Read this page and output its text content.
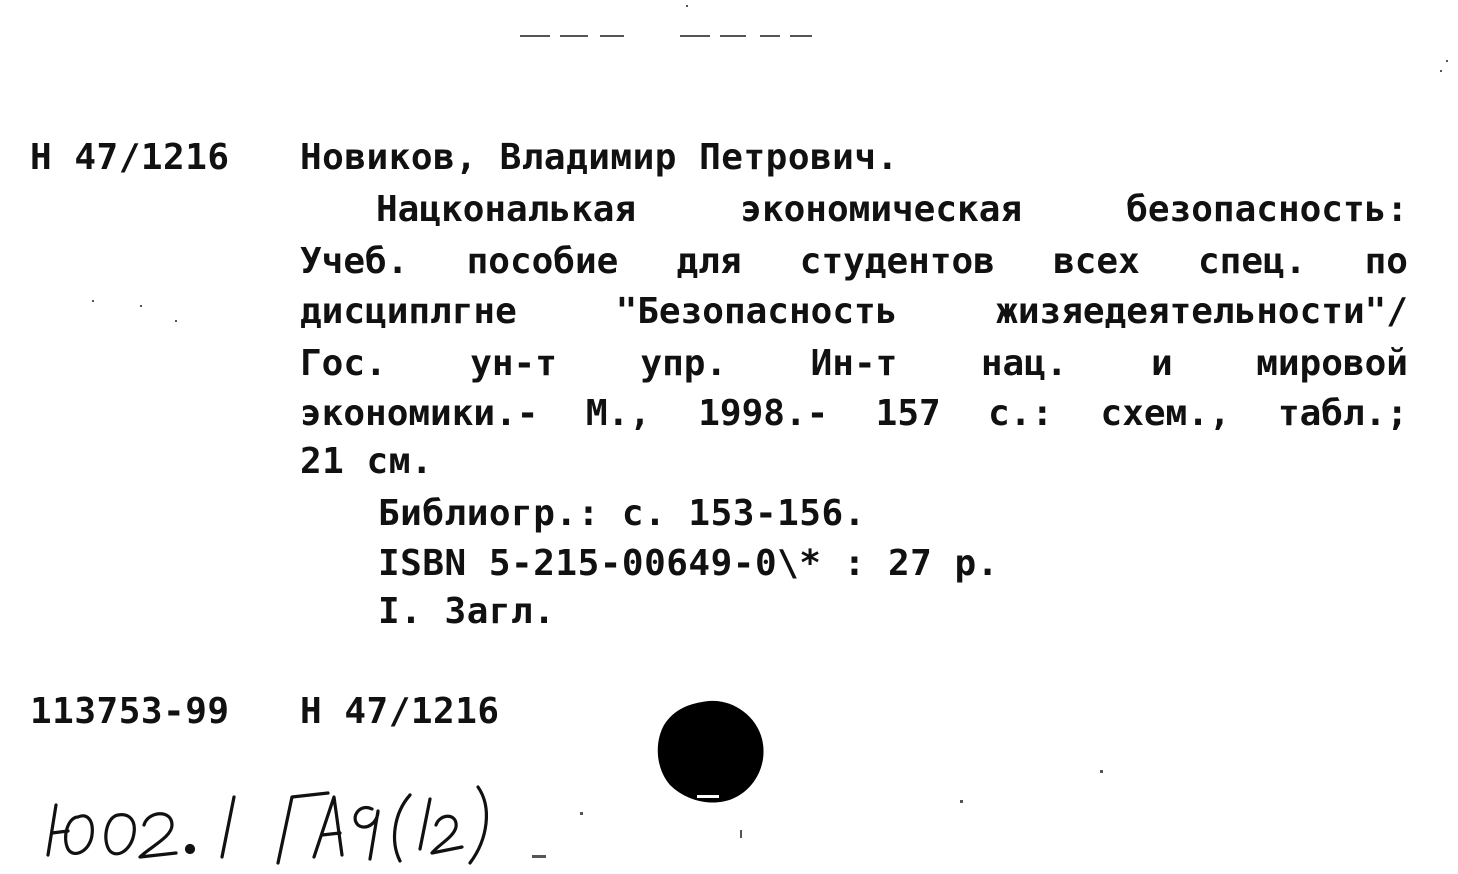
Н 47/1216 Новиков, Владимир Петрович.
Нацкональкая	экономическая	безопасность:
Учеб. пособие для студентов всех спец. по
дисциплгне	"Безопасность	жизяедеятельности"/
Гос. ун-т упр. Ин-т нац. и мировой
экономики.- М., 1998.- 157 с.: схем., табл.;
21 см.
Библиогр.: с. 153-156.
ISBN 5-215-00649-0\* : 27 р.
I. Загл.
113753-99 Н 47/1216
